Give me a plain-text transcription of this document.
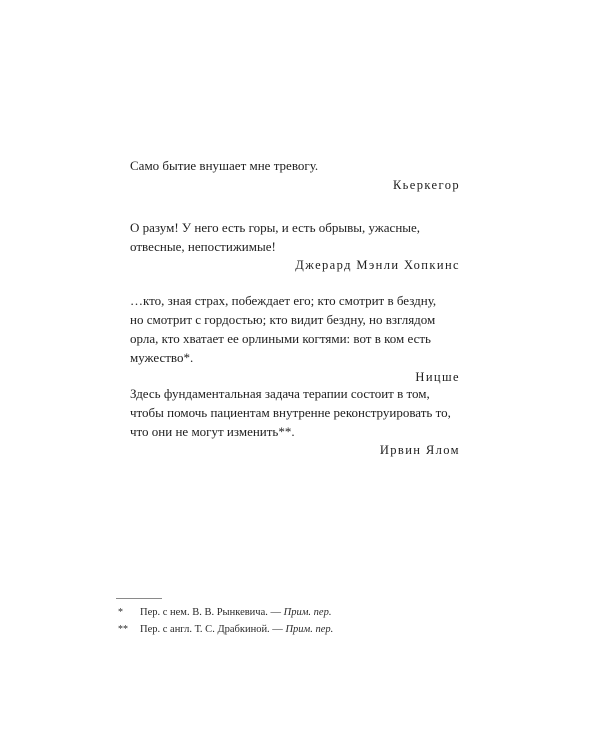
Само бытие внушает мне тревогу.

Кьеркегор

О разум! У него есть горы, и есть обрывы, ужасные,
отвесные, непостижимые!

Джерард Мэнли Хопкинс

…кто, зная страх, побеждает его; кто смотрит в бездну,
но смотрит с гордостью; кто видит бездну, но взглядом
орла, кто хватает ее орлиными когтями: вот в ком есть
мужество*.

Ницше

Здесь фундаментальная задача терапии состоит в том,
чтобы помочь пациентам внутренне реконструировать то,
что они не могут изменить**.

Ирвин Ялом

*	Пер. с нем. В. В. Рынкевича. — Прим. пер.
**	Пер. с англ. Т. С. Драбкиной. — Прим. пер.
